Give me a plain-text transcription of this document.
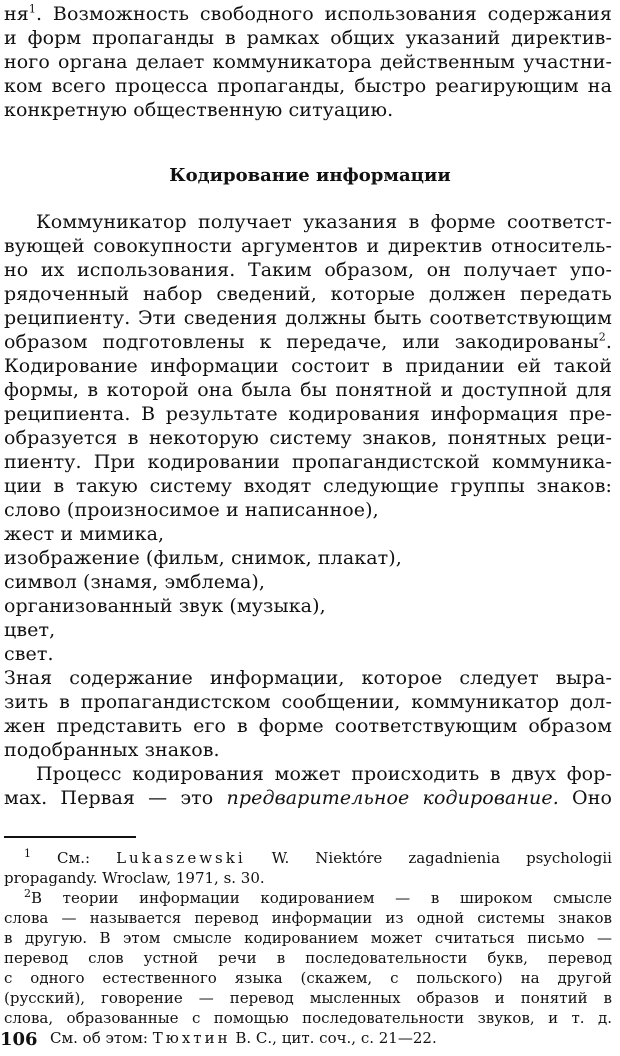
$ня^1$. Возможность свободного использования содержания
и форм пропаганды в рамках общих указаний директив-
ного органа делает коммуникатора действенным участни-
ком всего процесса пропаганды, быстро реагирующим на
конкретную общественную ситуацию.
Кодирование информации
Коммуникатор получает указания в форме соответст-
вующей совокупности аргументов и директив относитель-
но их использования. Таким образом, он получает упо-
рядоченный набор сведений, которые должен передать
реципиенту. Эти сведения должны быть соответствующим
образом подготовлены к передаче, или закодированы$^2$.
Кодирование информации состоит в придании ей такой
формы, в которой она была бы понятной и доступной для
реципиента. В результате кодирования информация пре-
образуется в некоторую систему знаков, понятных реци-
пиенту. При кодировании пропагандистской коммуника-
ции в такую систему входят следующие группы знаков:
слово (произносимое и написанное),
жест и мимика,
изображение (фильм, снимок, плакат),
символ (знамя, эмблема),
организованный звук (музыка),
цвет,
свет.
Зная содержание информации, которое следует выра-
зить в пропагандистском сообщении, коммуникатор дол-
жен представить его в форме соответствующим образом
подобранных знаков.
Процесс кодирования может происходить в двух фор-
мах. Первая — это предварительное кодирование. Оно
$^1$ См.: Lukaszewski W. Niektóre zagadnienia psychologii
propagandy. Wroclaw, 1971, s. 30.
$^2$В теории информации кодированием — в широком смысле
слова — называется перевод информации из одной системы знаков
в другую. В этом смысле кодированием может считаться письмо —
перевод слов устной речи в последовательности букв, перевод
с одного естественного языка (скажем, с польского) на другой
(русский), говорение — перевод мысленных образов и понятий в
слова, образованные с помощью последовательности звуков, и т. д.
См. об этом: Тюхтин В. С., цит. соч., с. 21—22.
106
